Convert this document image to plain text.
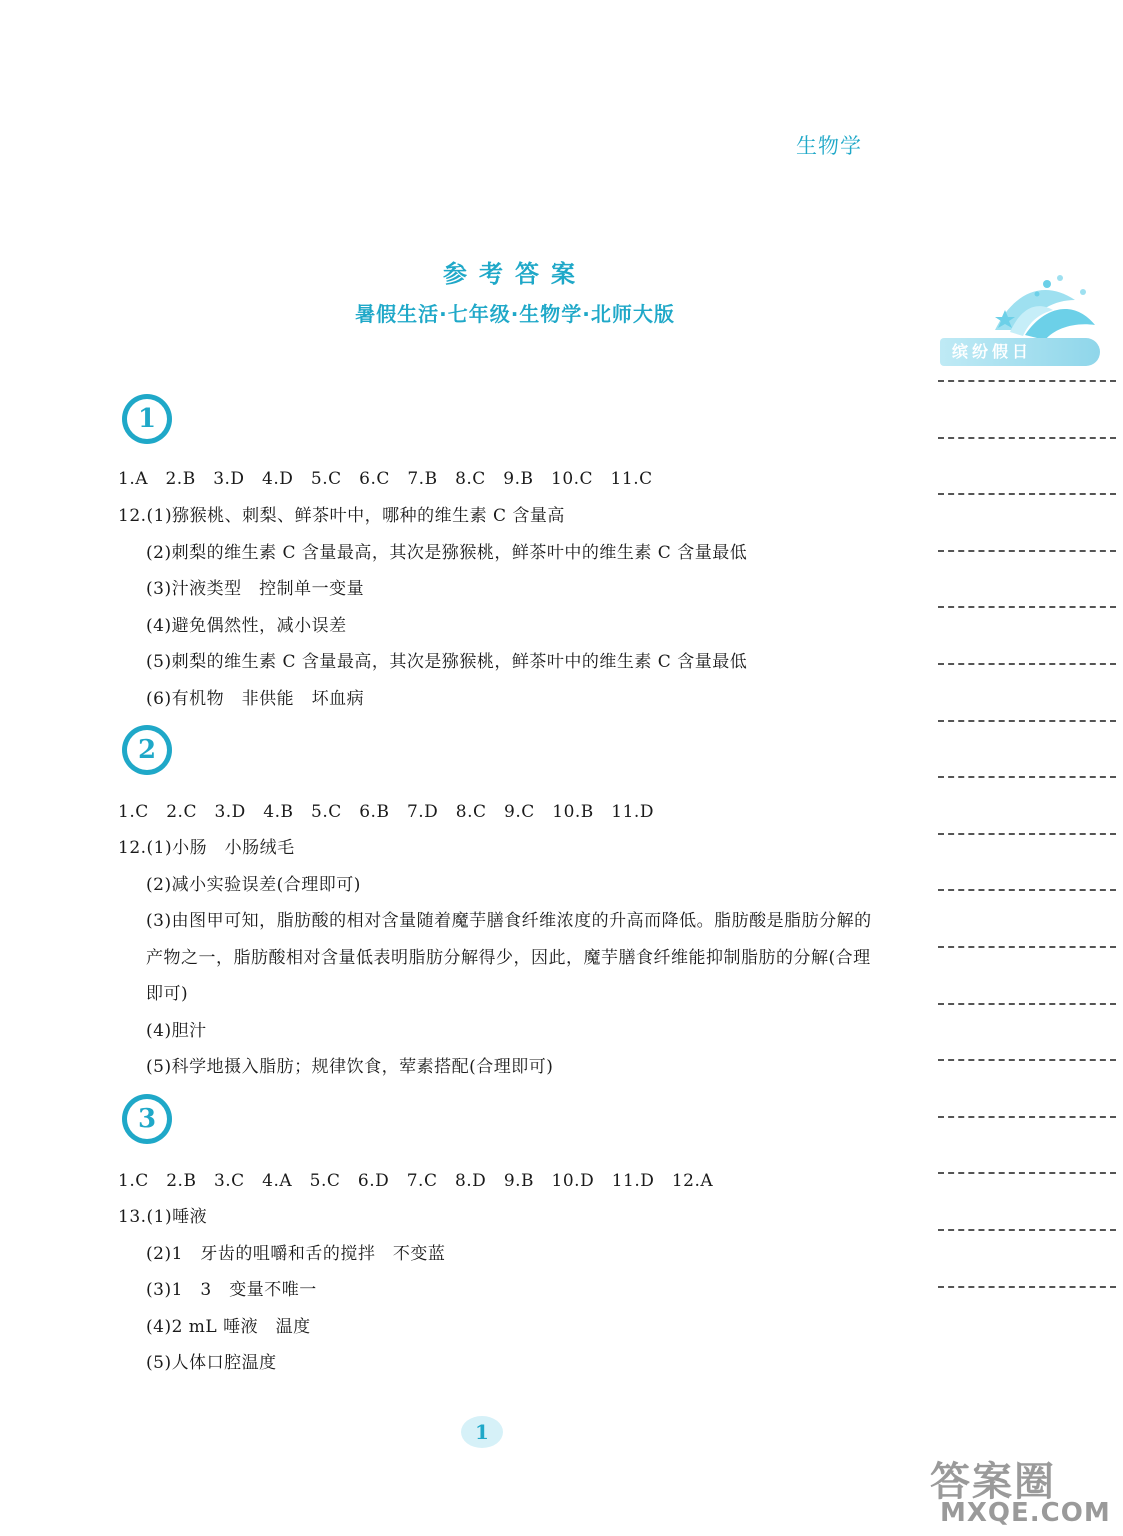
生物学
参考答案
暑假生活·七年级·生物学·北师大版
缤纷假日
1
1.A　2.B　3.D　4.D　5.C　6.C　7.B　8.C　9.B　10.C　11.C
12.(1)猕猴桃、刺梨、鲜茶叶中，哪种的维生素 C 含量高
(2)刺梨的维生素 C 含量最高，其次是猕猴桃，鲜茶叶中的维生素 C 含量最低
(3)汁液类型　控制单一变量
(4)避免偶然性，减小误差
(5)刺梨的维生素 C 含量最高，其次是猕猴桃，鲜茶叶中的维生素 C 含量最低
(6)有机物　非供能　坏血病
2
1.C　2.C　3.D　4.B　5.C　6.B　7.D　8.C　9.C　10.B　11.D
12.(1)小肠　小肠绒毛
(2)减小实验误差(合理即可)
(3)由图甲可知，脂肪酸的相对含量随着魔芋膳食纤维浓度的升高而降低。脂肪酸是脂肪分解的
产物之一，脂肪酸相对含量低表明脂肪分解得少，因此，魔芋膳食纤维能抑制脂肪的分解(合理
即可)
(4)胆汁
(5)科学地摄入脂肪；规律饮食，荤素搭配(合理即可)
3
1.C　2.B　3.C　4.A　5.C　6.D　7.C　8.D　9.B　10.D　11.D　12.A
13.(1)唾液
(2)1　牙齿的咀嚼和舌的搅拌　不变蓝
(3)1　3　变量不唯一
(4)2 mL 唾液　温度
(5)人体口腔温度
1
答案圈
MXQE.COM
